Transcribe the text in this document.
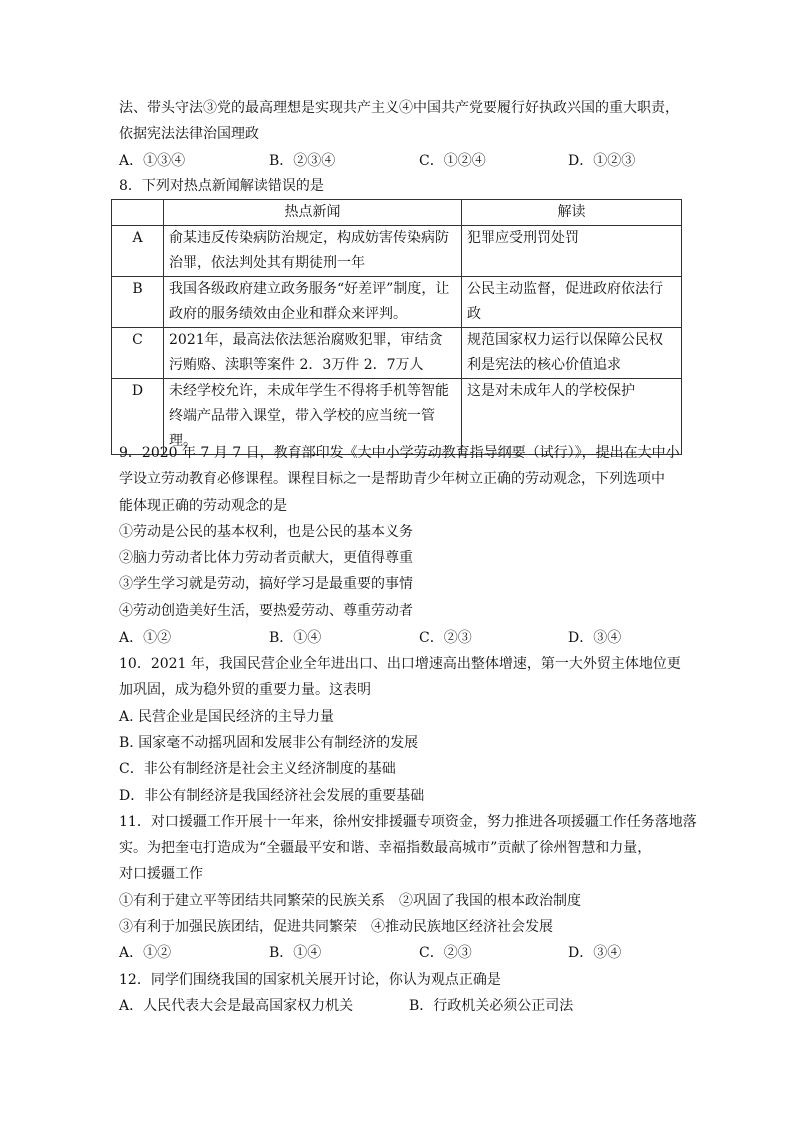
法、带头守法③党的最高理想是实现共产主义④中国共产党要履行好执政兴国的重大职责，
依据宪法法律治国理政
A．①③④	B．②③④	C．①②④	D．①②③
8．下列对热点新闻解读错误的是
	热点新闻	解读
A	俞某违反传染病防治规定，构成妨害传染病防治罪，依法判处其有期徒刑一年	犯罪应受刑罚处罚
B	我国各级政府建立政务服务“好差评”制度，让政府的服务绩效由企业和群众来评判。	公民主动监督，促进政府依法行政
C	2021年，最高法依法惩治腐败犯罪，审结贪污贿赂、渎职等案件 2．3万件 2．7万人	规范国家权力运行以保障公民权利是宪法的核心价值追求
D	未经学校允许，未成年学生不得将手机等智能终端产品带入课堂，带入学校的应当统一管理。	这是对未成年人的学校保护
9．2020 年 7 月 7 日，教育部印发《大中小学劳动教育指导纲要（试行）》，提出在大中小
学设立劳动教育必修课程。课程目标之一是帮助青少年树立正确的劳动观念，下列选项中
能体现正确的劳动观念的是
①劳动是公民的基本权利，也是公民的基本义务
②脑力劳动者比体力劳动者贡献大，更值得尊重
③学生学习就是劳动，搞好学习是最重要的事情
④劳动创造美好生活，要热爱劳动、尊重劳动者
A．①②	B．①④	C．②③	D．③④
10．2021 年，我国民营企业全年进出口、出口增速高出整体增速，第一大外贸主体地位更
加巩固，成为稳外贸的重要力量。这表明
A. 民营企业是国民经济的主导力量
B. 国家毫不动摇巩固和发展非公有制经济的发展
C．非公有制经济是社会主义经济制度的基础
D．非公有制经济是我国经济社会发展的重要基础
11．对口援疆工作开展十一年来，徐州安排援疆专项资金，努力推进各项援疆工作任务落地落
实。为把奎屯打造成为“全疆最平安和谐、幸福指数最高城市”贡献了徐州智慧和力量，
对口援疆工作
①有利于建立平等团结共同繁荣的民族关系　②巩固了我国的根本政治制度
③有利于加强民族团结，促进共同繁荣　④推动民族地区经济社会发展
A．①②	B．①④	C．②③	D．③④
12．同学们围绕我国的国家机关展开讨论，你认为观点正确是
A．人民代表大会是最高国家权力机关	B．行政机关必须公正司法
